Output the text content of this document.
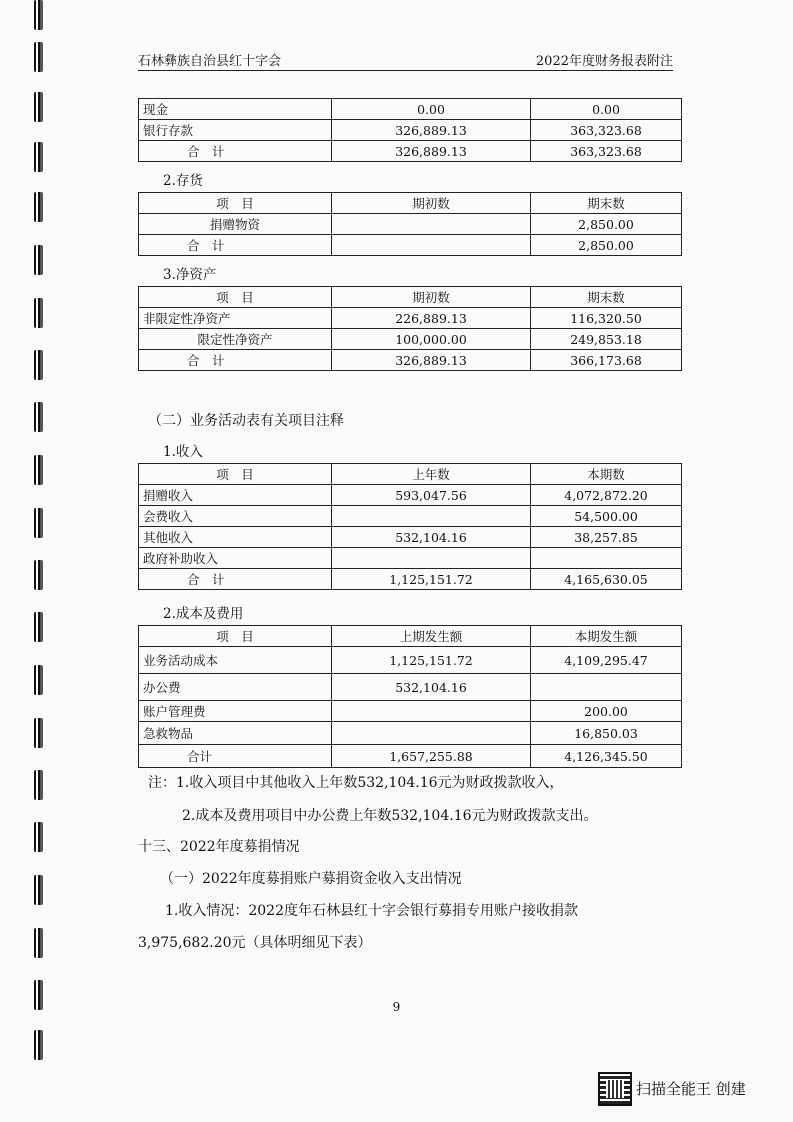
石林彝族自治县红十字会	2022年度财务报表附注
现金	0.00	0.00
银行存款	326,889.13	363,323.68
合　计	326,889.13	363,323.68
2.存货
项　目	期初数	期末数
捐赠物资		2,850.00
合　计		2,850.00
3.净资产
项　目	期初数	期末数
非限定性净资产	226,889.13	116,320.50
限定性净资产	100,000.00	249,853.18
合　计	326,889.13	366,173.68
（二）业务活动表有关项目注释
1.收入
项　目	上年数	本期数
捐赠收入	593,047.56	4,072,872.20
会费收入		54,500.00
其他收入	532,104.16	38,257.85
政府补助收入		
合　计	1,125,151.72	4,165,630.05
2.成本及费用
项　目	上期发生额	本期发生额
业务活动成本	1,125,151.72	4,109,295.47
办公费	532,104.16	
账户管理费		200.00
急救物品		16,850.03
合计	1,657,255.88	4,126,345.50
注：1.收入项目中其他收入上年数532,104.16元为财政拨款收入，
2.成本及费用项目中办公费上年数532,104.16元为财政拨款支出。
十三、2022年度募捐情况
（一）2022年度募捐账户募捐资金收入支出情况
1.收入情况：2022度年石林县红十字会银行募捐专用账户接收捐款
3,975,682.20元（具体明细见下表）
9
扫描全能王 创建
